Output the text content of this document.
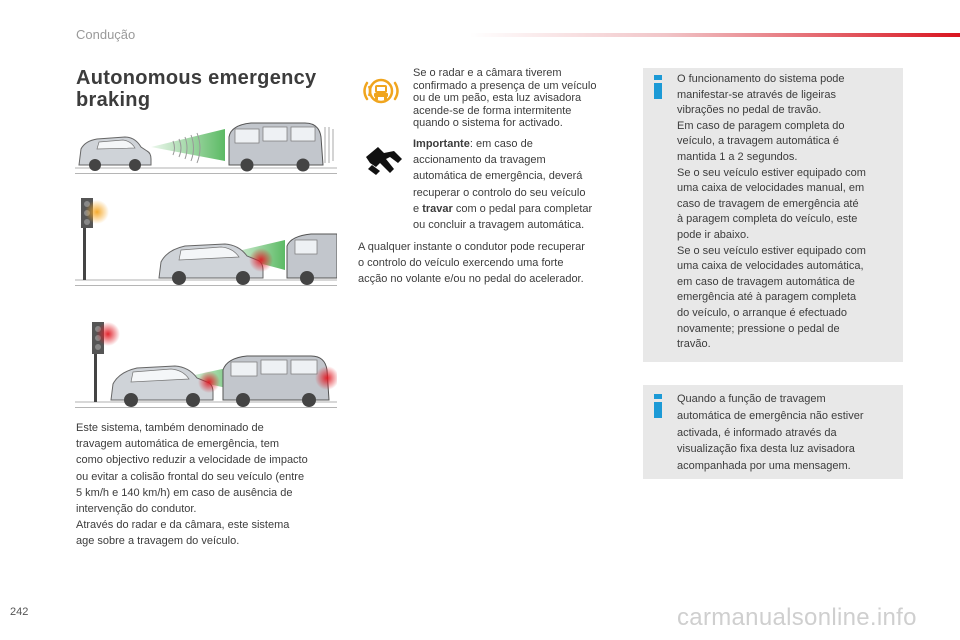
Condução
Autonomous emergency
braking

Este sistema, também denominado de
travagem automática de emergência, tem
como objectivo reduzir a velocidade de impacto
ou evitar a colisão frontal do seu veículo (entre
5 km/h e 140 km/h) em caso de ausência de
intervenção do condutor.
Através do radar e da câmara, este sistema
age sobre a travagem do veículo.

Se o radar e a câmara tiverem
confirmado a presença de um veículo
ou de um peão, esta luz avisadora
acende-se de forma intermitente
quando o sistema for activado.

Importante: em caso de
accionamento da travagem
automática de emergência, deverá
recuperar o controlo do seu veículo
e travar com o pedal para completar
ou concluir a travagem automática.

A qualquer instante o condutor pode recuperar
o controlo do veículo exercendo uma forte
acção no volante e/ou no pedal do acelerador.

O funcionamento do sistema pode
manifestar-se através de ligeiras
vibrações no pedal de travão.
Em caso de paragem completa do
veículo, a travagem automática é
mantida 1 a 2 segundos.
Se o seu veículo estiver equipado com
uma caixa de velocidades manual, em
caso de travagem de emergência até
à paragem completa do veículo, este
pode ir abaixo.
Se o seu veículo estiver equipado com
uma caixa de velocidades automática,
em caso de travagem automática de
emergência até à paragem completa
do veículo, o arranque é efectuado
novamente; pressione o pedal de
travão.

Quando a função de travagem
automática de emergência não estiver
activada, é informado através da
visualização fixa desta luz avisadora
acompanhada por uma mensagem.

242	carmanualsonline.info
